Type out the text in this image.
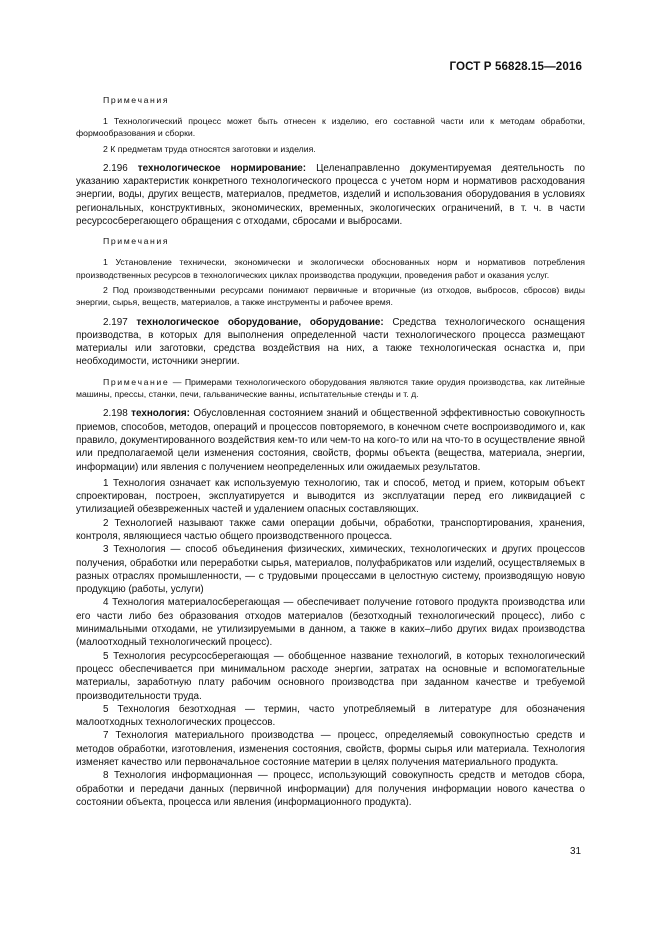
ГОСТ Р 56828.15—2016

Примечания

1 Технологический процесс может быть отнесен к изделию, его составной части или к методам обработки, формообразования и сборки.

2 К предметам труда относятся заготовки и изделия.

2.196 технологическое нормирование: Целенаправленно документируемая деятельность по указанию характеристик конкретного технологического процесса с учетом норм и нормативов расходования энергии, воды, других веществ, материалов, предметов, изделий и использования оборудования в условиях региональных, конструктивных, экономических, временных, экологических ограничений, в т. ч. в части ресурсосберегающего обращения с отходами, сбросами и выбросами.

Примечания

1 Установление технически, экономически и экологически обоснованных норм и нормативов потребления производственных ресурсов в технологических циклах производства продукции, проведения работ и оказания услуг.

2 Под производственными ресурсами понимают первичные и вторичные (из отходов, выбросов, сбросов) виды энергии, сырья, веществ, материалов, а также инструменты и рабочее время.

2.197 технологическое оборудование, оборудование: Средства технологического оснащения производства, в которых для выполнения определенной части технологического процесса размещают материалы или заготовки, средства воздействия на них, а также технологическая оснастка и, при необходимости, источники энергии.

Примечание — Примерами технологического оборудования являются такие орудия производства, как литейные машины, прессы, станки, печи, гальванические ванны, испытательные стенды и т. д.

2.198 технология: Обусловленная состоянием знаний и общественной эффективностью совокупность приемов, способов, методов, операций и процессов повторяемого, в конечном счете воспроизводимого и, как правило, документированного воздействия кем-то или чем-то на кого-то или на что-то в осуществление явной или предполагаемой цели изменения состояния, свойств, формы объекта (вещества, материала, энергии, информации) или явления с получением неопределенных или ожидаемых результатов.

1 Технология означает как используемую технологию, так и способ, метод и прием, которым объект спроектирован, построен, эксплуатируется и выводится из эксплуатации перед его ликвидацией с утилизацией обезвреженных частей и удалением опасных составляющих.

2 Технологией называют также сами операции добычи, обработки, транспортирования, хранения, контроля, являющиеся частью общего производственного процесса.

3 Технология — способ объединения физических, химических, технологических и других процессов получения, обработки или переработки сырья, материалов, полуфабрикатов или изделий, осуществляемых в разных отраслях промышленности, — с трудовыми процессами в целостную систему, производящую новую продукцию (работы, услуги)

4 Технология материалосберегающая — обеспечивает получение готового продукта производства или его части либо без образования отходов материалов (безотходный технологический процесс), либо с минимальными отходами, не утилизируемыми в данном, а также в каких–либо других видах производства (малоотходный технологический процесс).

5 Технология ресурсосберегающая — обобщенное название технологий, в которых технологический процесс обеспечивается при минимальном расходе энергии, затратах на основные и вспомогательные материалы, заработную плату рабочим основного производства при заданном качестве и требуемой производительности труда.

5 Технология безотходная — термин, часто употребляемый в литературе для обозначения малоотходных технологических процессов.

7 Технология материального производства — процесс, определяемый совокупностью средств и методов обработки, изготовления, изменения состояния, свойств, формы сырья или материала. Технология изменяет качество или первоначальное состояние материи в целях получения материального продукта.

8 Технология информационная — процесс, использующий совокупность средств и методов сбора, обработки и передачи данных (первичной информации) для получения информации нового качества о состоянии объекта, процесса или явления (информационного продукта).

31
